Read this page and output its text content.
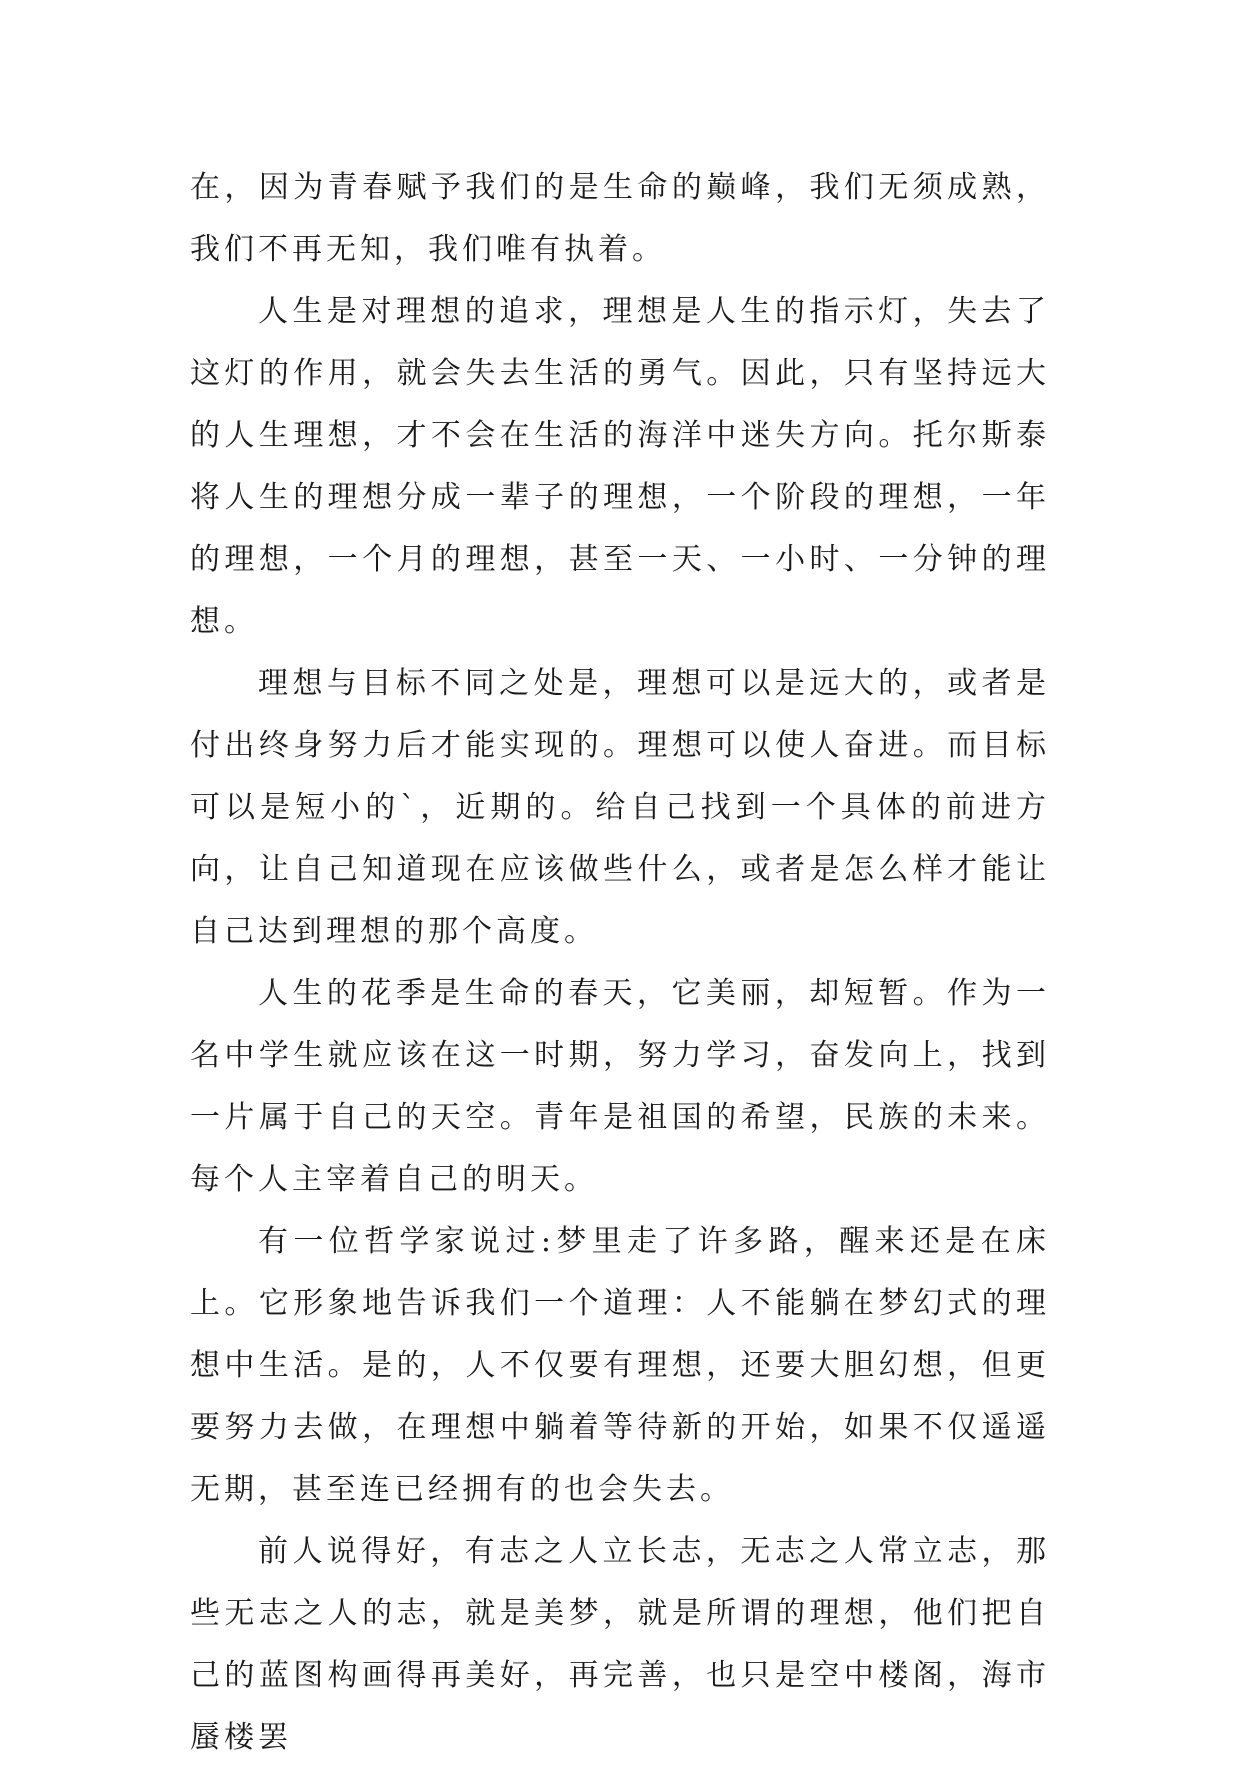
在，因为青春赋予我们的是生命的巅峰，我们无须成熟，我们不再无知，我们唯有执着。

人生是对理想的追求，理想是人生的指示灯，失去了这灯的作用，就会失去生活的勇气。因此，只有坚持远大的人生理想，才不会在生活的海洋中迷失方向。托尔斯泰将人生的理想分成一辈子的理想，一个阶段的理想，一年的理想，一个月的理想，甚至一天、一小时、一分钟的理想。

理想与目标不同之处是，理想可以是远大的，或者是付出终身努力后才能实现的。理想可以使人奋进。而目标可以是短小的`，近期的。给自己找到一个具体的前进方向，让自己知道现在应该做些什么，或者是怎么样才能让自己达到理想的那个高度。

人生的花季是生命的春天，它美丽，却短暂。作为一名中学生就应该在这一时期，努力学习，奋发向上，找到一片属于自己的天空。青年是祖国的希望，民族的未来。每个人主宰着自己的明天。

有一位哲学家说过:梦里走了许多路，醒来还是在床上。它形象地告诉我们一个道理：人不能躺在梦幻式的理想中生活。是的，人不仅要有理想，还要大胆幻想，但更要努力去做，在理想中躺着等待新的开始，如果不仅遥遥无期，甚至连已经拥有的也会失去。

前人说得好，有志之人立长志，无志之人常立志，那些无志之人的志，就是美梦，就是所谓的理想，他们把自己的蓝图构画得再美好，再完善，也只是空中楼阁，海市蜃楼罢
